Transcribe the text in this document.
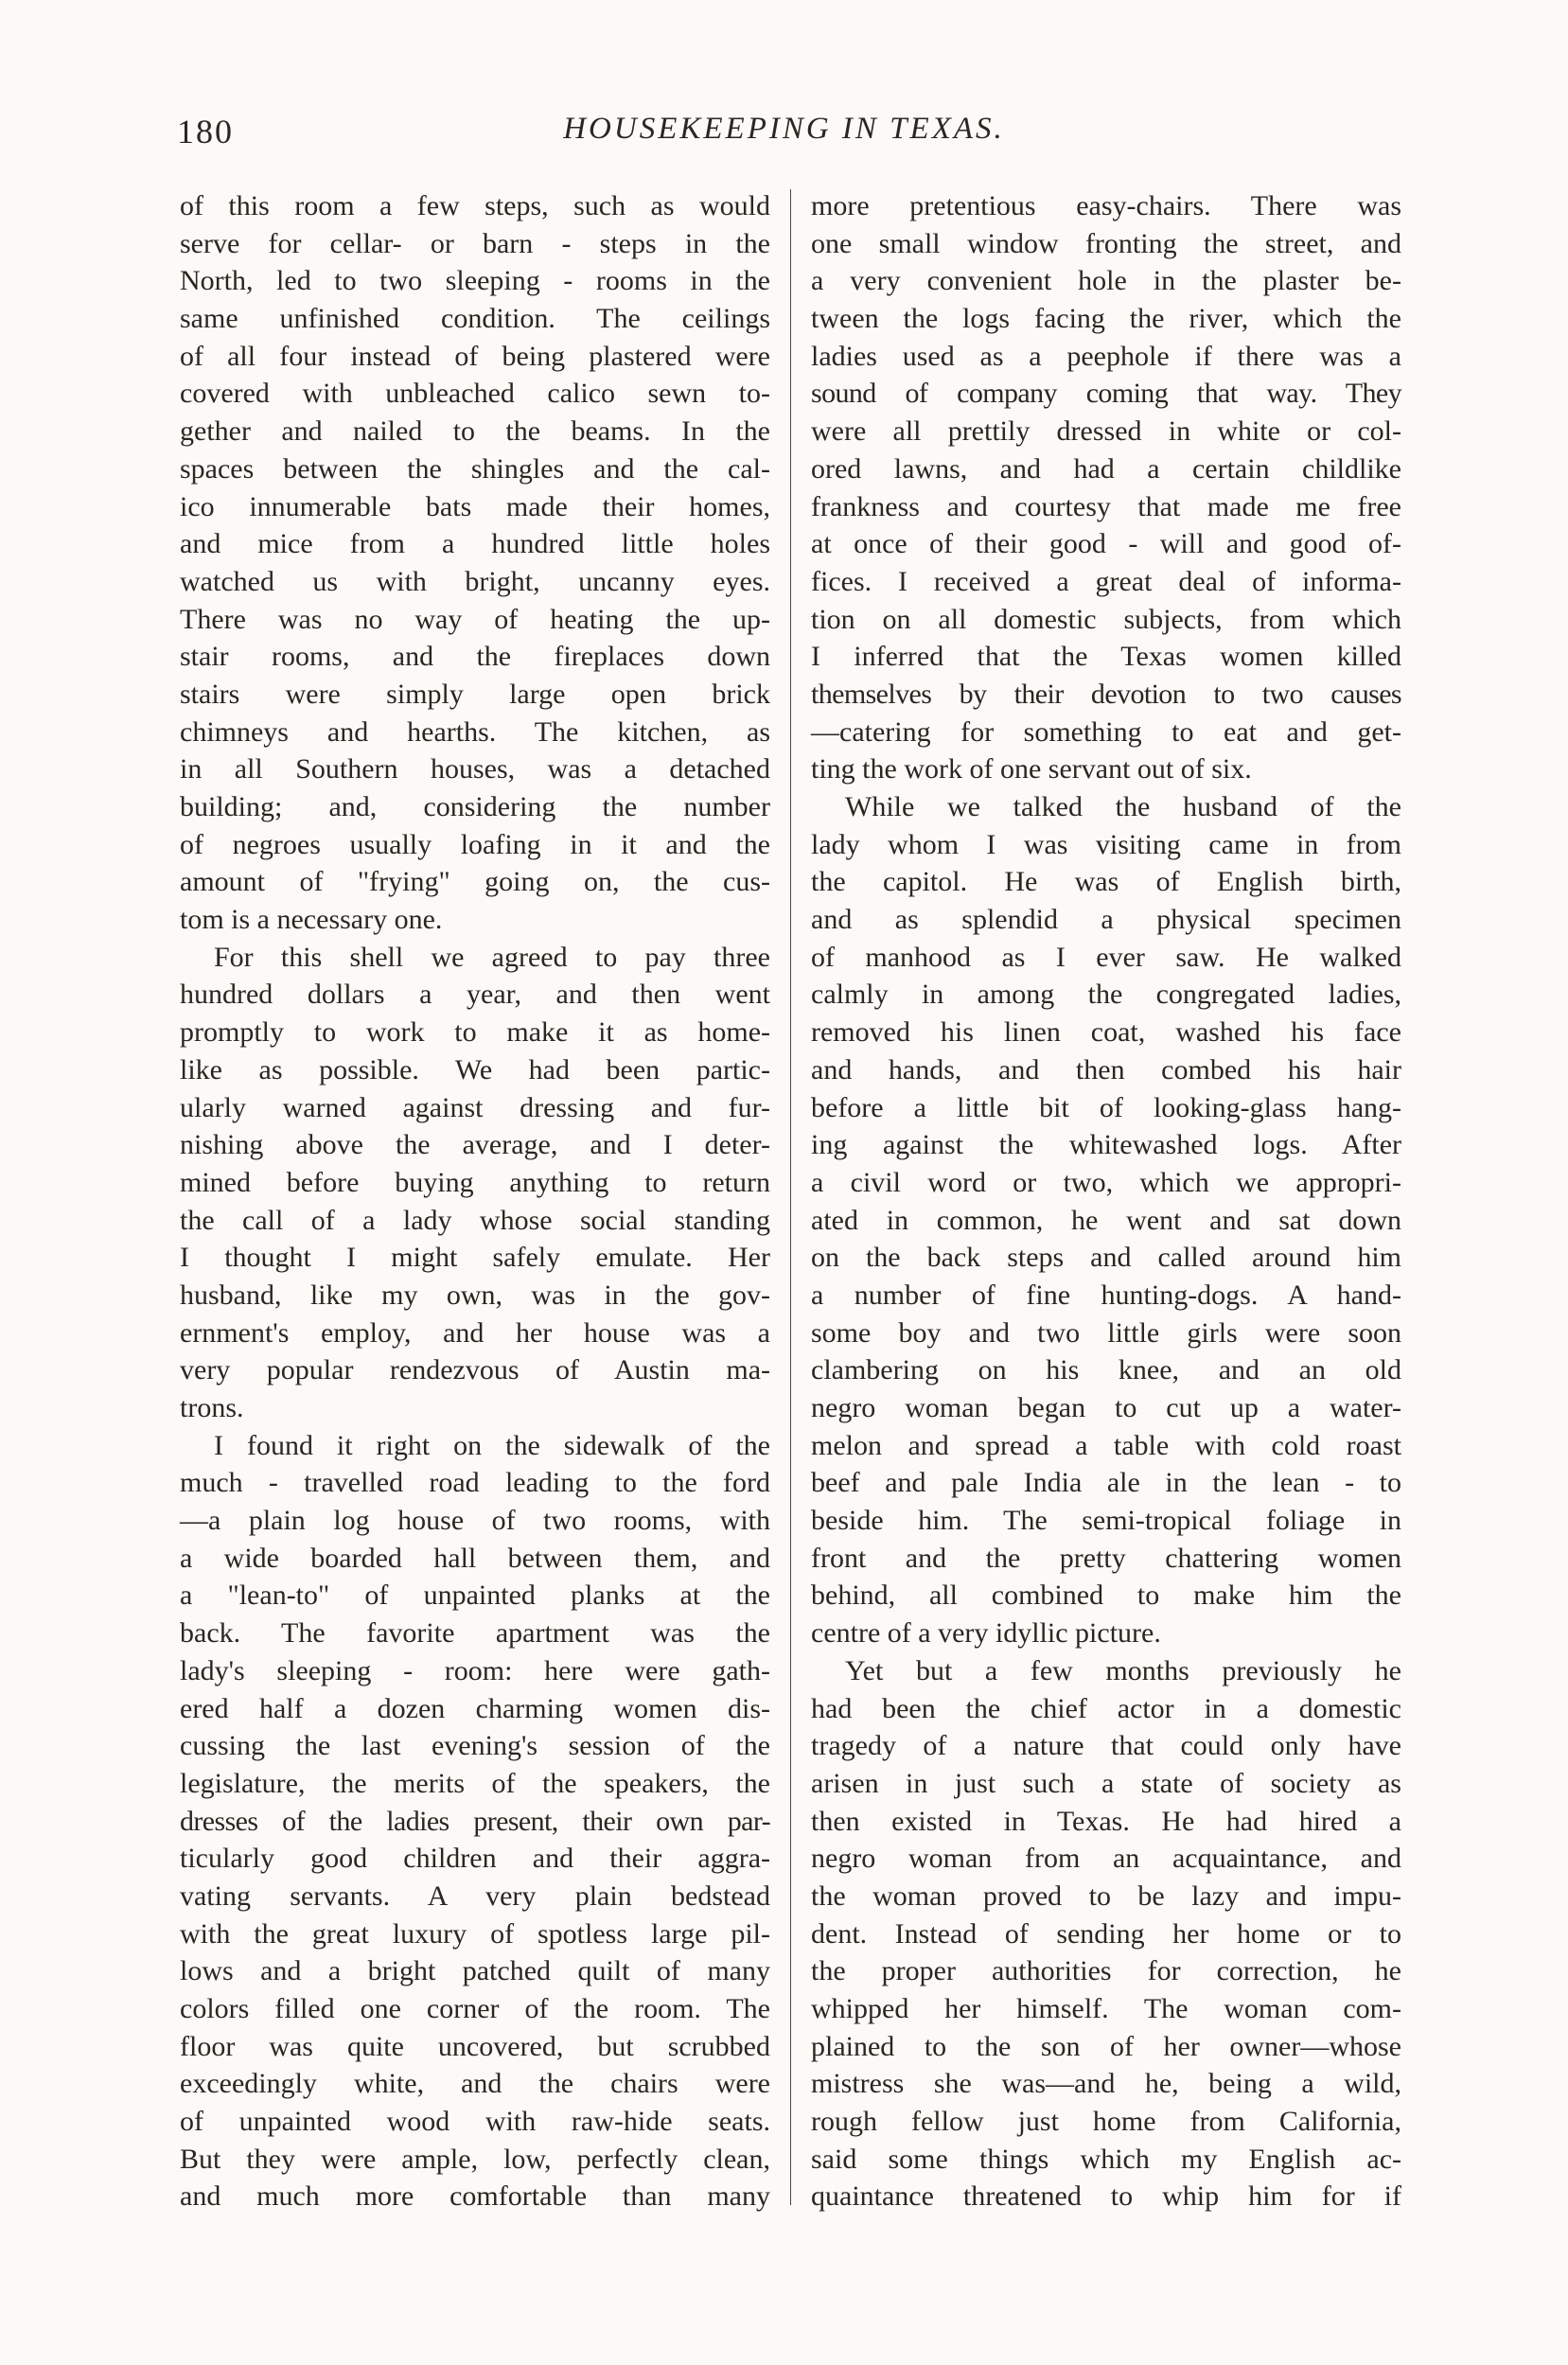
180	HOUSEKEEPING IN TEXAS.
of this room a few steps, such as would
serve for cellar- or barn - steps in the
North, led to two sleeping - rooms in the
same unfinished condition. The ceilings
of all four instead of being plastered were
covered with unbleached calico sewn to-
gether and nailed to the beams. In the
spaces between the shingles and the cal-
ico innumerable bats made their homes,
and mice from a hundred little holes
watched us with bright, uncanny eyes.
There was no way of heating the up-
stair rooms, and the fireplaces down
stairs were simply large open brick
chimneys and hearths. The kitchen, as
in all Southern houses, was a detached
building; and, considering the number
of negroes usually loafing in it and the
amount of "frying" going on, the cus-
tom is a necessary one.
For this shell we agreed to pay three
hundred dollars a year, and then went
promptly to work to make it as home-
like as possible. We had been partic-
ularly warned against dressing and fur-
nishing above the average, and I deter-
mined before buying anything to return
the call of a lady whose social standing
I thought I might safely emulate. Her
husband, like my own, was in the gov-
ernment's employ, and her house was a
very popular rendezvous of Austin ma-
trons.
I found it right on the sidewalk of the
much - travelled road leading to the ford
—a plain log house of two rooms, with
a wide boarded hall between them, and
a "lean-to" of unpainted planks at the
back. The favorite apartment was the
lady's sleeping - room: here were gath-
ered half a dozen charming women dis-
cussing the last evening's session of the
legislature, the merits of the speakers, the
dresses of the ladies present, their own par-
ticularly good children and their aggra-
vating servants. A very plain bedstead
with the great luxury of spotless large pil-
lows and a bright patched quilt of many
colors filled one corner of the room. The
floor was quite uncovered, but scrubbed
exceedingly white, and the chairs were
of unpainted wood with raw-hide seats.
But they were ample, low, perfectly clean,
and much more comfortable than many
more pretentious easy-chairs. There was
one small window fronting the street, and
a very convenient hole in the plaster be-
tween the logs facing the river, which the
ladies used as a peephole if there was a
sound of company coming that way. They
were all prettily dressed in white or col-
ored lawns, and had a certain childlike
frankness and courtesy that made me free
at once of their good - will and good of-
fices. I received a great deal of informa-
tion on all domestic subjects, from which
I inferred that the Texas women killed
themselves by their devotion to two causes
—catering for something to eat and get-
ting the work of one servant out of six.
While we talked the husband of the
lady whom I was visiting came in from
the capitol. He was of English birth,
and as splendid a physical specimen
of manhood as I ever saw. He walked
calmly in among the congregated ladies,
removed his linen coat, washed his face
and hands, and then combed his hair
before a little bit of looking-glass hang-
ing against the whitewashed logs. After
a civil word or two, which we appropri-
ated in common, he went and sat down
on the back steps and called around him
a number of fine hunting-dogs. A hand-
some boy and two little girls were soon
clambering on his knee, and an old
negro woman began to cut up a water-
melon and spread a table with cold roast
beef and pale India ale in the lean - to
beside him. The semi-tropical foliage in
front and the pretty chattering women
behind, all combined to make him the
centre of a very idyllic picture.
Yet but a few months previously he
had been the chief actor in a domestic
tragedy of a nature that could only have
arisen in just such a state of society as
then existed in Texas. He had hired a
negro woman from an acquaintance, and
the woman proved to be lazy and impu-
dent. Instead of sending her home or to
the proper authorities for correction, he
whipped her himself. The woman com-
plained to the son of her owner—whose
mistress she was—and he, being a wild,
rough fellow just home from California,
said some things which my English ac-
quaintance threatened to whip him for if
